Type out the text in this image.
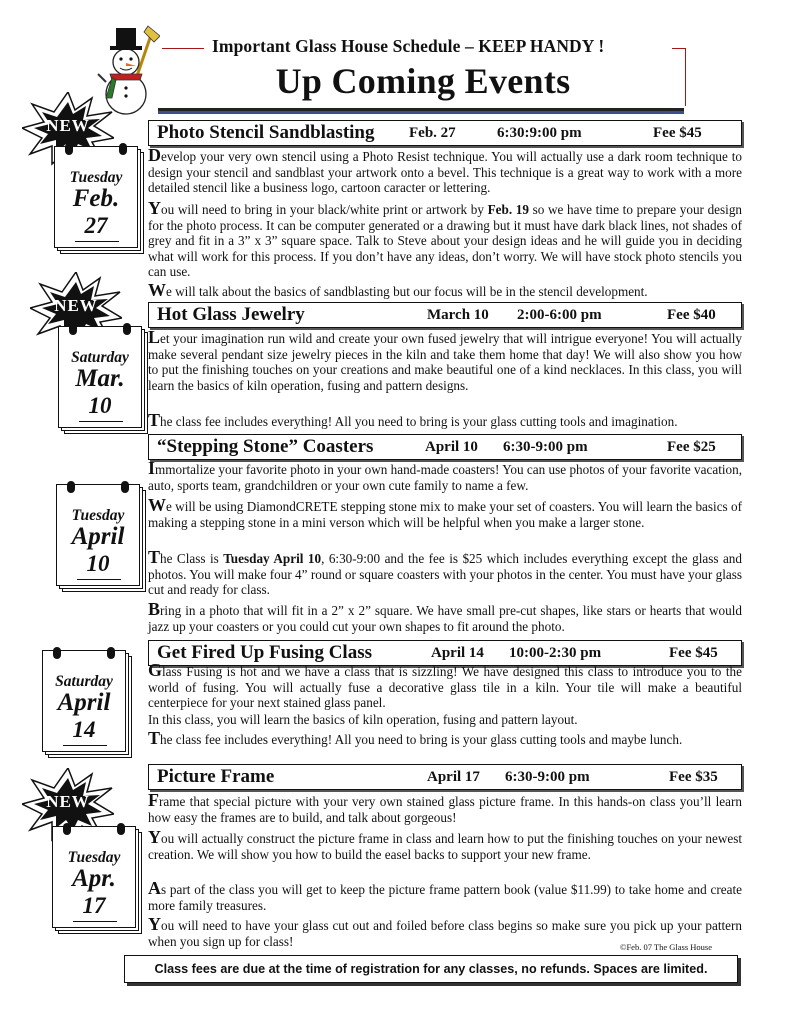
Important Glass House Schedule – KEEP HANDY !
Up Coming Events
NEW
NEW
NEW
Tuesday
Feb.
27
Saturday
Mar.
10
Tuesday
April
10
Saturday
April
14
Tuesday
Apr.
17
Photo Stencil Sandblasting Feb. 27	6:30:9:00 pm	Fee $45
Develop your very own stencil using a Photo Resist technique. You will actually use a dark room technique to design your stencil and sandblast your artwork onto a bevel. This technique is a great way to work with a more detailed stencil like a business logo, cartoon caracter or lettering.
You will need to bring in your black/white print or artwork by Feb. 19 so we have time to prepare your design for the photo process. It can be computer generated or a drawing but it must have dark black lines, not shades of grey and fit in a 3” x 3” square space. Talk to Steve about your design ideas and he will guide you in deciding what will work for this process. If you don’t have any ideas, don’t worry. We will have stock photo stencils you can use.
We will talk about the basics of sandblasting but our focus will be in the stencil development.
Hot Glass Jewelry	March 10 2:00-6:00 pm	Fee $40
Let your imagination run wild and create your own fused jewelry that will intrigue everyone! You will actually make several pendant size jewelry pieces in the kiln and take them home that day! We will also show you how to put the finishing touches on your creations and make beautiful one of a kind necklaces. In this class, you will learn the basics of kiln operation, fusing and pattern designs.
The class fee includes everything! All you need to bring is your glass cutting tools and imagination.
“Stepping Stone” Coasters	April 10 6:30-9:00 pm	Fee $25
Immortalize your favorite photo in your own hand-made coasters! You can use photos of your favorite vacation, auto, sports team, grandchildren or your own cute family to name a few.
We will be using DiamondCRETE stepping stone mix to make your set of coasters. You will learn the basics of making a stepping stone in a mini verson which will be helpful when you make a larger stone.
The Class is Tuesday April 10, 6:30-9:00 and the fee is $25 which includes everything except the glass and photos. You will make four 4” round or square coasters with your photos in the center. You must have your glass cut and ready for class.
Bring in a photo that will fit in a 2” x 2” square. We have small pre-cut shapes, like stars or hearts that would jazz up your coasters or you could cut your own shapes to fit around the photo.
Get Fired Up Fusing Class	April 14 10:00-2:30 pm	Fee $45
Glass Fusing is hot and we have a class that is sizzling! We have designed this class to introduce you to the world of fusing. You will actually fuse a decorative glass tile in a kiln. Your tile will make a beautiful centerpiece for your next stained glass panel.
In this class, you will learn the basics of kiln operation, fusing and pattern layout.
The class fee includes everything! All you need to bring is your glass cutting tools and maybe lunch.
Picture Frame	April 17 6:30-9:00 pm	Fee $35
Frame that special picture with your very own stained glass picture frame. In this hands-on class you’ll learn how easy the frames are to build, and talk about gorgeous!
You will actually construct the picture frame in class and learn how to put the finishing touches on your newest creation. We will show you how to build the easel backs to support your new frame.
As part of the class you will get to keep the picture frame pattern book (value $11.99) to take home and create more family treasures.
You will need to have your glass cut out and foiled before class begins so make sure you pick up your pattern when you sign up for class!	©Feb. 07 The Glass House
Class fees are due at the time of registration for any classes, no refunds. Spaces are limited.
